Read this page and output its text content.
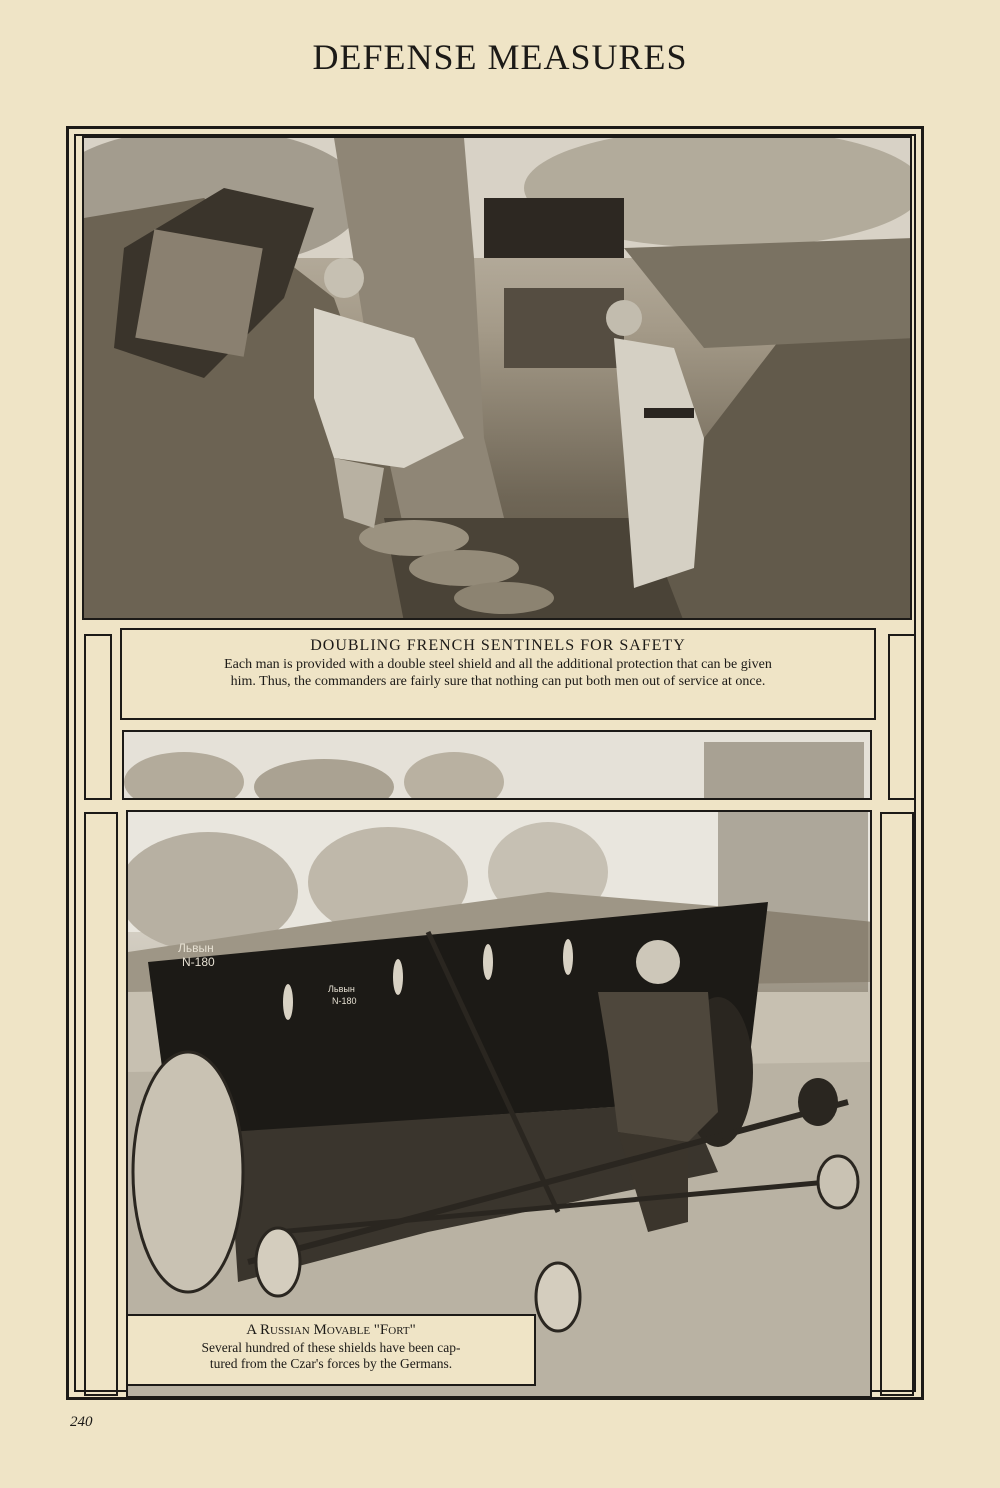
DEFENSE MEASURES
DOUBLING FRENCH SENTINELS FOR SAFETY
Each man is provided with a double steel shield and all the additional protection that can be given
him. Thus, the commanders are fairly sure that nothing can put both men out of service at once.
Львын
N-180
Львын
N-180
A Russian Movable "Fort"
Several hundred of these shields have been cap-
tured from the Czar's forces by the Germans.
240
